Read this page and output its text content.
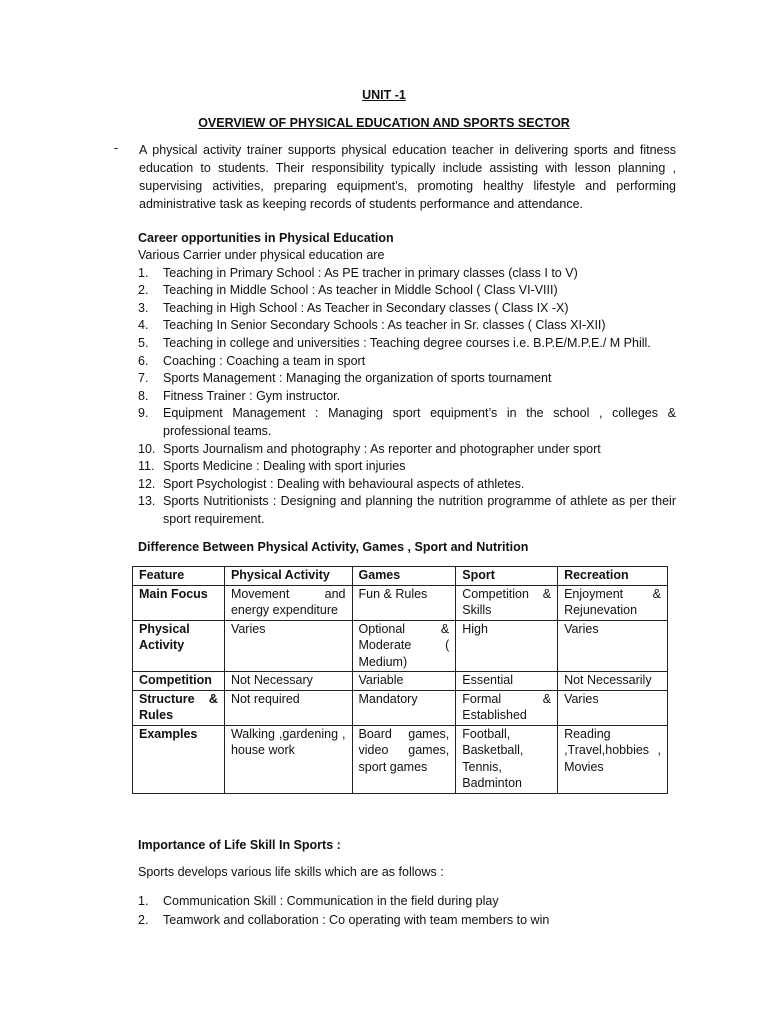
UNIT -1
OVERVIEW OF PHYSICAL EDUCATION AND SPORTS SECTOR
- A physical activity trainer supports physical education teacher in delivering sports and fitness education to students. Their responsibility typically include assisting with lesson planning , supervising activities, preparing equipment’s, promoting healthy lifestyle and performing administrative task as keeping records of students performance and attendance.
Career opportunities in Physical Education
Various Carrier under physical education are
1. Teaching in Primary School : As PE tracher in primary classes (class I to V)
2. Teaching in Middle School : As teacher in Middle School ( Class VI-VIII)
3. Teaching in High School : As Teacher in Secondary classes ( Class IX -X)
4. Teaching In Senior Secondary Schools : As teacher in Sr. classes ( Class XI-XII)
5. Teaching in college and universities : Teaching degree courses i.e. B.P.E/M.P.E./ M Phill.
6. Coaching : Coaching a team in sport
7. Sports Management : Managing the organization of sports tournament
8. Fitness Trainer : Gym instructor.
9. Equipment Management : Managing sport equipment’s in the school , colleges & professional teams.
10. Sports Journalism and photography : As reporter and photographer under sport
11. Sports Medicine : Dealing with sport injuries
12. Sport Psychologist : Dealing with behavioural aspects of athletes.
13. Sports Nutritionists : Designing and planning the nutrition programme of athlete as per their sport requirement.
Difference Between Physical Activity, Games , Sport and Nutrition
Feature	Physical Activity	Games	Sport	Recreation
Main Focus	Movement and energy expenditure	Fun & Rules	Competition & Skills	Enjoyment & Rejunevation
Physical Activity	Varies	Optional & Moderate ( Medium)	High	Varies
Competition	Not Necessary	Variable	Essential	Not Necessarily
Structure & Rules	Not required	Mandatory	Formal & Established	Varies
Examples	Walking ,gardening , house work	Board games, video games, sport games	Football, Basketball, Tennis, Badminton	Reading ,Travel,hobbies , Movies
Importance of Life Skill In Sports :
Sports develops various life skills which are as follows :
1. Communication Skill : Communication in the field during play
2. Teamwork and collaboration : Co operating with team members to win
